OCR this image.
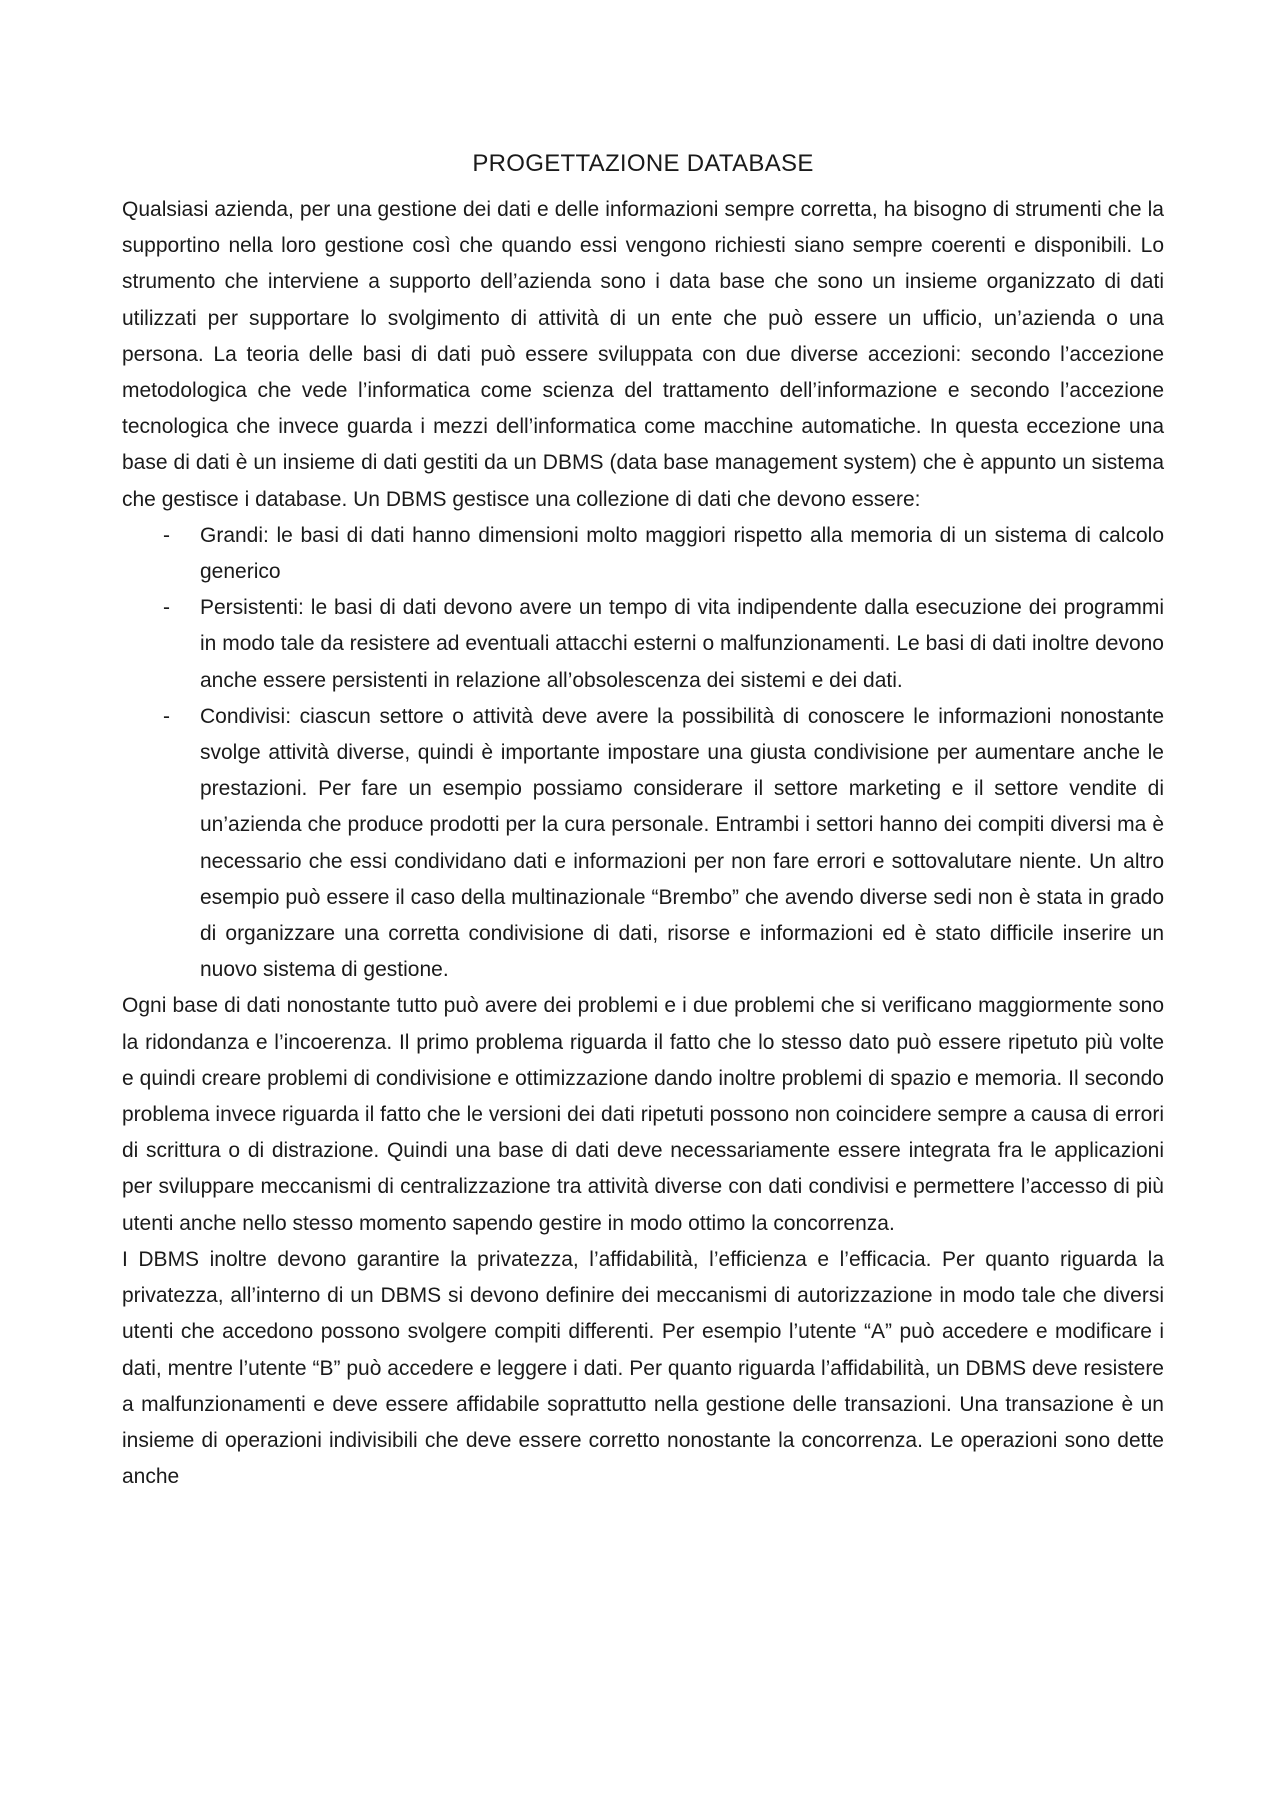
PROGETTAZIONE DATABASE

Qualsiasi azienda, per una gestione dei dati e delle informazioni sempre corretta, ha bisogno di strumenti che la supportino nella loro gestione così che quando essi vengono richiesti siano sempre coerenti e disponibili. Lo strumento che interviene a supporto dell’azienda sono i data base che sono un insieme organizzato di dati utilizzati per supportare lo svolgimento di attività di un ente che può essere un ufficio, un’azienda o una persona. La teoria delle basi di dati può essere sviluppata con due diverse accezioni: secondo l’accezione metodologica che vede l’informatica come scienza del trattamento dell’informazione e secondo l’accezione tecnologica che invece guarda i mezzi dell’informatica come macchine automatiche. In questa eccezione una base di dati è un insieme di dati gestiti da un DBMS (data base management system) che è appunto un sistema che gestisce i database. Un DBMS gestisce una collezione di dati che devono essere:

- Grandi: le basi di dati hanno dimensioni molto maggiori rispetto alla memoria di un sistema di calcolo generico
- Persistenti: le basi di dati devono avere un tempo di vita indipendente dalla esecuzione dei programmi in modo tale da resistere ad eventuali attacchi esterni o malfunzionamenti. Le basi di dati inoltre devono anche essere persistenti in relazione all’obsolescenza dei sistemi e dei dati.
- Condivisi: ciascun settore o attività deve avere la possibilità di conoscere le informazioni nonostante svolge attività diverse, quindi è importante impostare una giusta condivisione per aumentare anche le prestazioni. Per fare un esempio possiamo considerare il settore marketing e il settore vendite di un’azienda che produce prodotti per la cura personale. Entrambi i settori hanno dei compiti diversi ma è necessario che essi condividano dati e informazioni per non fare errori e sottovalutare niente. Un altro esempio può essere il caso della multinazionale “Brembo” che avendo diverse sedi non è stata in grado di organizzare una corretta condivisione di dati, risorse e informazioni ed è stato difficile inserire un nuovo sistema di gestione.

Ogni base di dati nonostante tutto può avere dei problemi e i due problemi che si verificano maggiormente sono la ridondanza e l’incoerenza. Il primo problema riguarda il fatto che lo stesso dato può essere ripetuto più volte e quindi creare problemi di condivisione e ottimizzazione dando inoltre problemi di spazio e memoria. Il secondo problema invece riguarda il fatto che le versioni dei dati ripetuti possono non coincidere sempre a causa di errori di scrittura o di distrazione. Quindi una base di dati deve necessariamente essere integrata fra le applicazioni per sviluppare meccanismi di centralizzazione tra attività diverse con dati condivisi e permettere l’accesso di più utenti anche nello stesso momento sapendo gestire in modo ottimo la concorrenza.

I DBMS inoltre devono garantire la privatezza, l’affidabilità, l’efficienza e l’efficacia. Per quanto riguarda la privatezza, all’interno di un DBMS si devono definire dei meccanismi di autorizzazione in modo tale che diversi utenti che accedono possono svolgere compiti differenti. Per esempio l’utente “A” può accedere e modificare i dati, mentre l’utente “B” può accedere e leggere i dati. Per quanto riguarda l’affidabilità, un DBMS deve resistere a malfunzionamenti e deve essere affidabile soprattutto nella gestione delle transazioni. Una transazione è un insieme di operazioni indivisibili che deve essere corretto nonostante la concorrenza. Le operazioni sono dette anche
